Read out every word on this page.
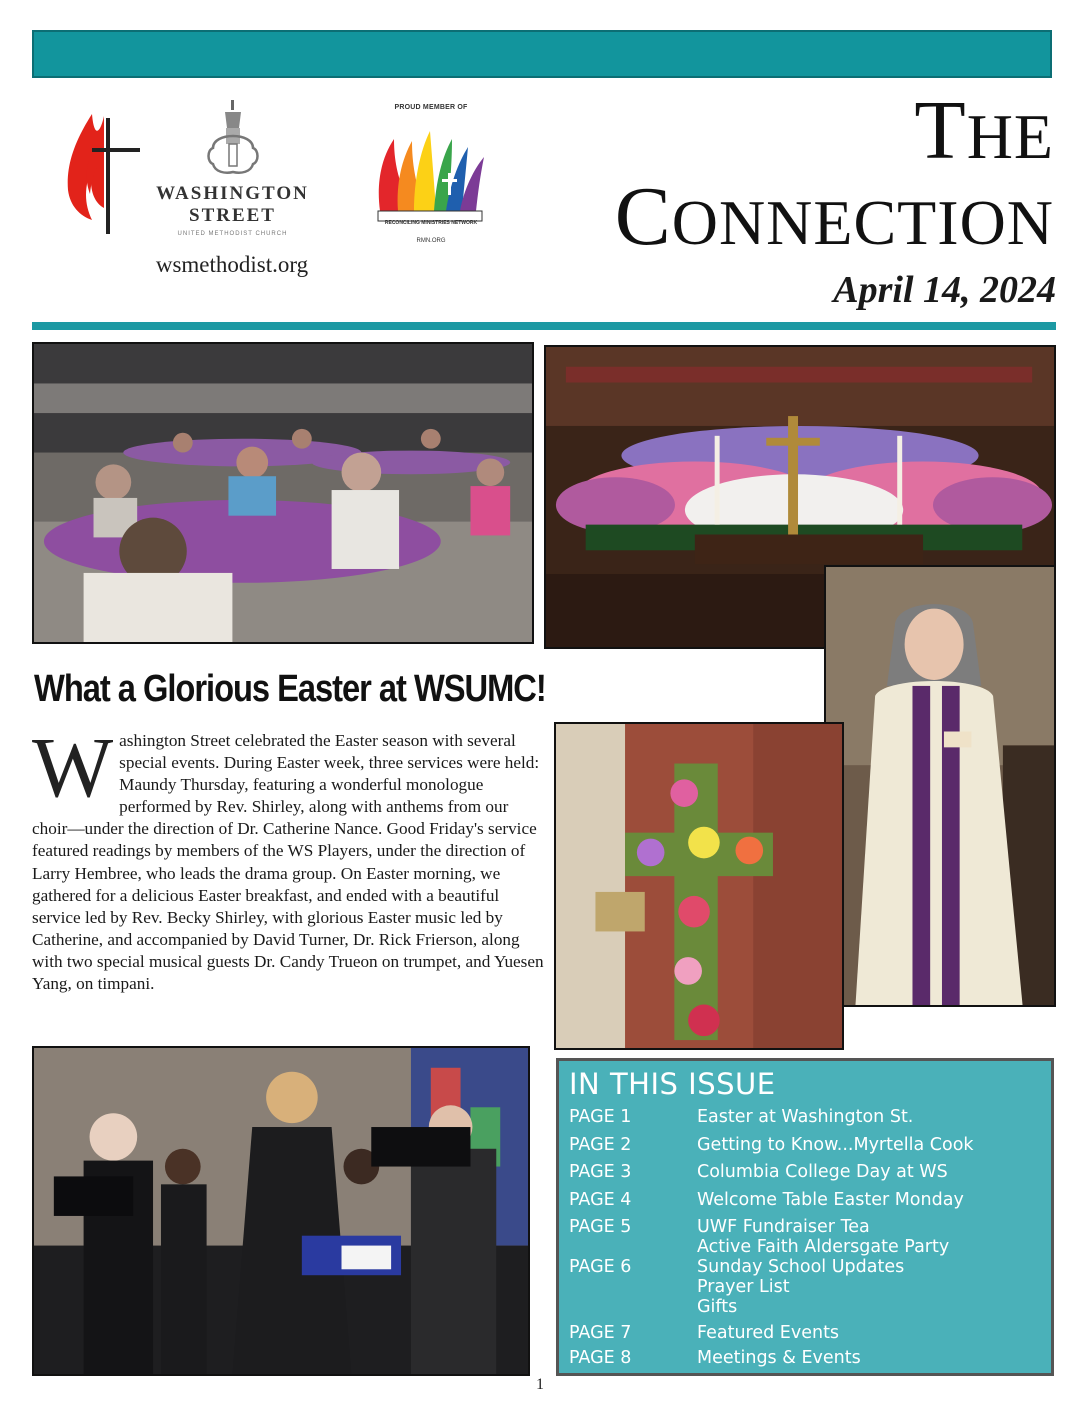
WASHINGTON
STREET
UNITED METHODIST CHURCH
wsmethodist.org
PROUD MEMBER OF
RECONCILING MINISTRIES NETWORK
RMN.ORG
THE
CONNECTION
April 14, 2024
What a Glorious Easter at WSUMC!
Washington Street celebrated the Easter season with several special events. During Easter week, three services were held: Maundy Thursday, featuring a wonderful monologue performed by Rev. Shirley, along with anthems from our choir—under the direction of Dr. Catherine Nance. Good Friday's service featured readings by members of the WS Players, under the direction of Larry Hembree, who leads the drama group. On Easter morning, we gathered for a delicious Easter breakfast, and ended with a beautiful service led by Rev. Becky Shirley, with glorious Easter music led by Catherine, and accompanied by David Turner, Dr. Rick Frierson, along with two special musical guests Dr. Candy Trueon on trumpet, and Yuesen Yang, on timpani.
IN THIS ISSUE
PAGE 1	Easter at Washington St.
PAGE 2	Getting to Know...Myrtella Cook
PAGE 3	Columbia College Day at WS
PAGE 4	Welcome Table Easter Monday
PAGE 5	UWF Fundraiser Tea
Active Faith Aldersgate Party
PAGE 6	Sunday School Updates
Prayer List
Gifts
PAGE 7	Featured Events
PAGE 8	Meetings & Events
1
